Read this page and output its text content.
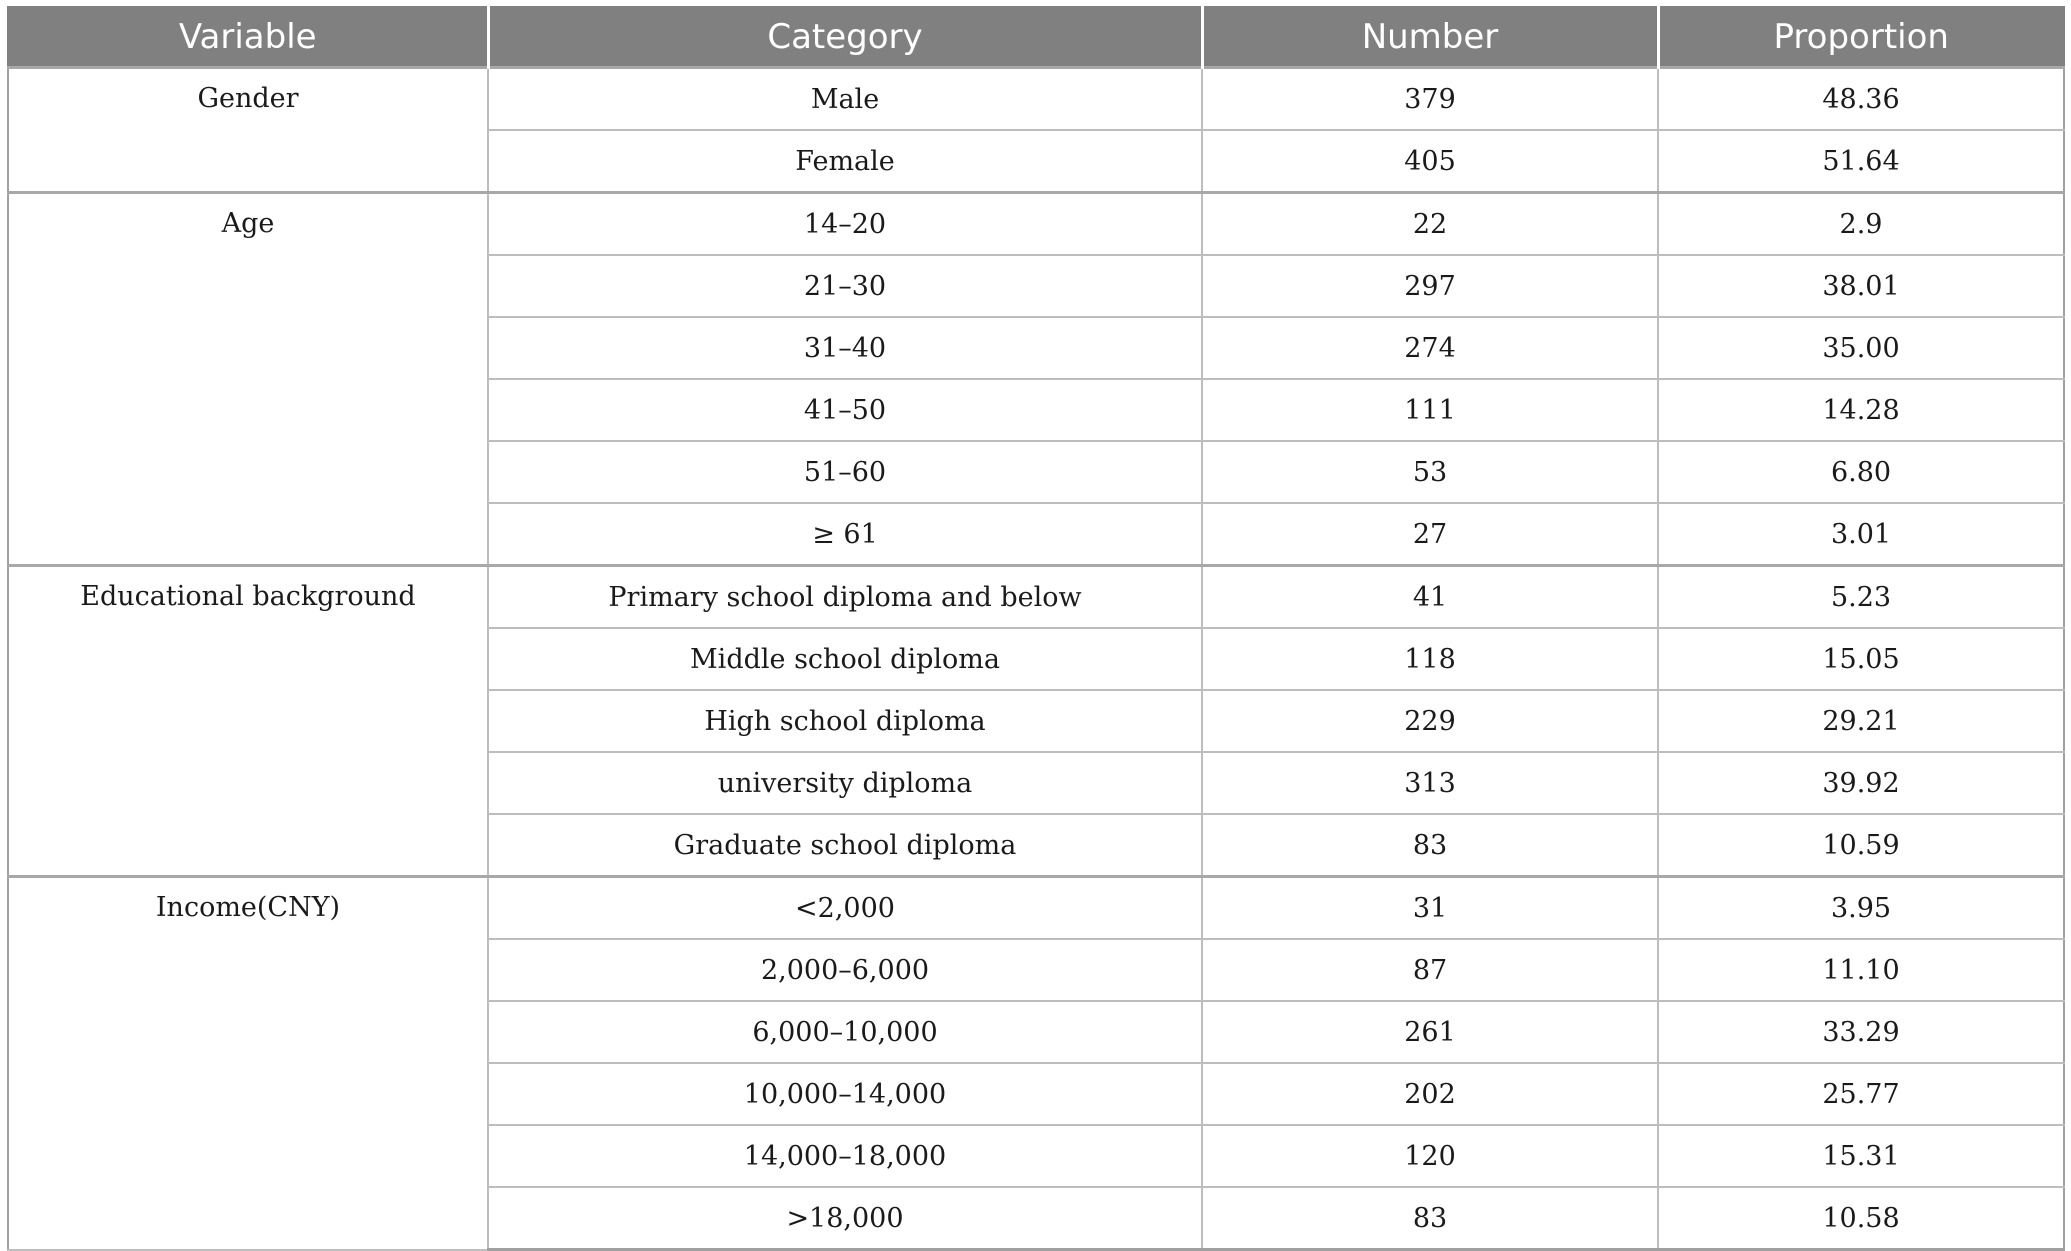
Variable	Category	Number	Proportion
Gender	Male	379	48.36
	Female	405	51.64
Age	14–20	22	2.9
	21–30	297	38.01
	31–40	274	35.00
	41–50	111	14.28
	51–60	53	6.80
	≥ 61	27	3.01
Educational background	Primary school diploma and below	41	5.23
	Middle school diploma	118	15.05
	High school diploma	229	29.21
	university diploma	313	39.92
	Graduate school diploma	83	10.59
Income(CNY)	<2,000	31	3.95
	2,000–6,000	87	11.10
	6,000–10,000	261	33.29
	10,000–14,000	202	25.77
	14,000–18,000	120	15.31
	>18,000	83	10.58
